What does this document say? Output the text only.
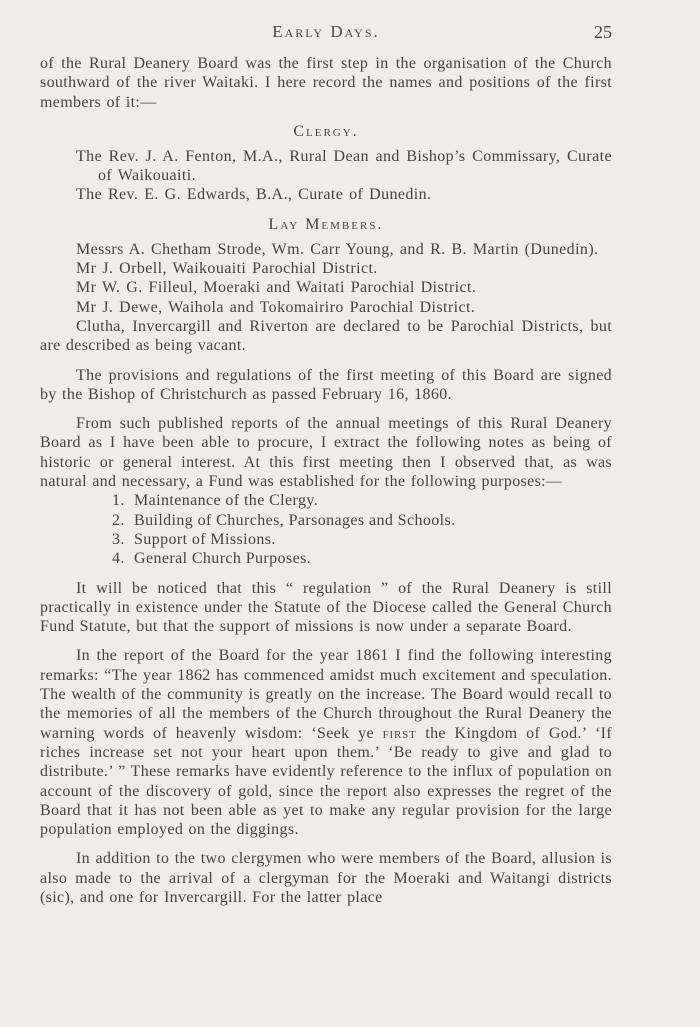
Early Days.	25

of the Rural Deanery Board was the first step in the organisation of the Church southward of the river Waitaki. I here record the names and positions of the first members of it:—

Clergy.
The Rev. J. A. Fenton, M.A., Rural Dean and Bishop’s Commissary, Curate of Waikouaiti.
The Rev. E. G. Edwards, B.A., Curate of Dunedin.
Lay Members.
Messrs A. Chetham Strode, Wm. Carr Young, and R. B. Martin (Dunedin).
Mr J. Orbell, Waikouaiti Parochial District.
Mr W. G. Filleul, Moeraki and Waitati Parochial District.
Mr J. Dewe, Waihola and Tokomairiro Parochial District.

Clutha, Invercargill and Riverton are declared to be Parochial Districts, but are described as being vacant.

The provisions and regulations of the first meeting of this Board are signed by the Bishop of Christchurch as passed February 16, 1860.

From such published reports of the annual meetings of this Rural Deanery Board as I have been able to procure, I extract the following notes as being of historic or general interest. At this first meeting then I observed that, as was natural and necessary, a Fund was established for the following purposes:—

1. Maintenance of the Clergy.
2. Building of Churches, Parsonages and Schools.
3. Support of Missions.
4. General Church Purposes.

It will be noticed that this “ regulation ” of the Rural Deanery is still practically in existence under the Statute of the Diocese called the General Church Fund Statute, but that the support of missions is now under a separate Board.

In the report of the Board for the year 1861 I find the following interesting remarks: “The year 1862 has commenced amidst much excitement and speculation. The wealth of the community is greatly on the increase. The Board would recall to the memories of all the members of the Church throughout the Rural Deanery the warning words of heavenly wisdom: ‘Seek ye first the Kingdom of God.’ ‘If riches increase set not your heart upon them.’ ‘Be ready to give and glad to distribute.’ ” These remarks have evidently reference to the influx of population on account of the discovery of gold, since the report also expresses the regret of the Board that it has not been able as yet to make any regular provision for the large population employed on the diggings.

In addition to the two clergymen who were members of the Board, allusion is also made to the arrival of a clergyman for the Moeraki and Waitangi districts (sic), and one for Invercargill. For the latter place
